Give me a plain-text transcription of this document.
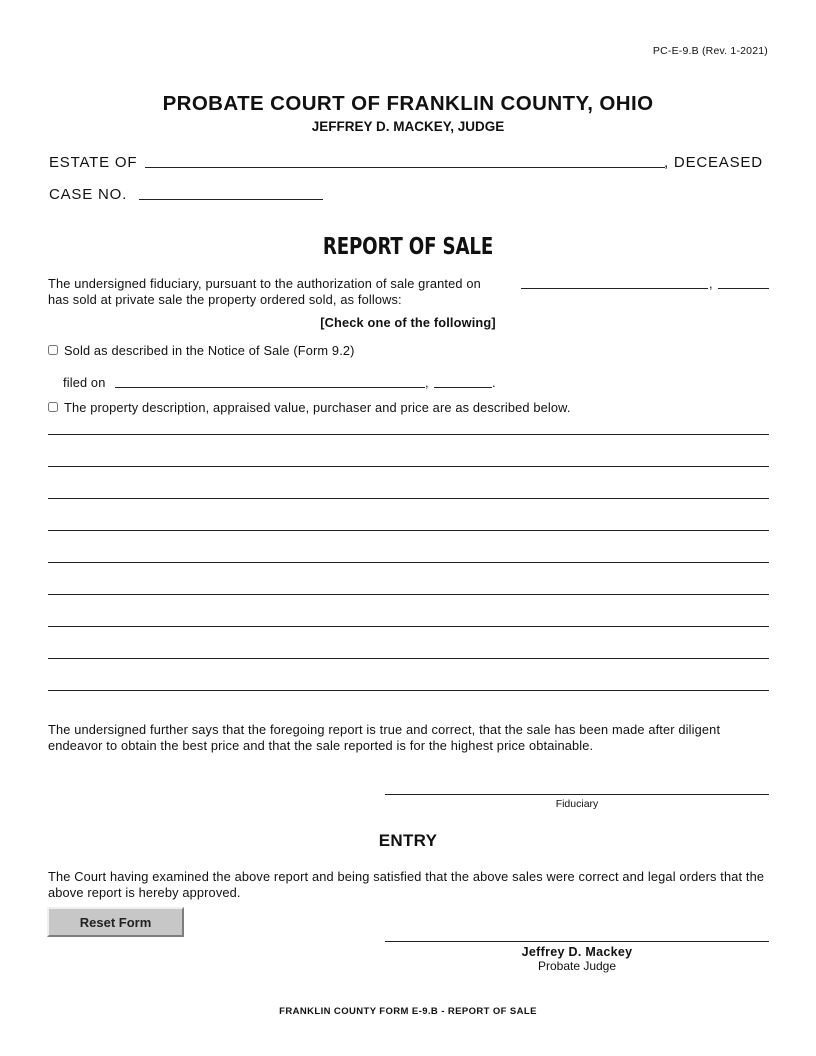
PC-E-9.B (Rev. 1-2021)
PROBATE COURT OF FRANKLIN COUNTY, OHIO
JEFFREY D. MACKEY, JUDGE
ESTATE OF	, DECEASED
CASE NO.
REPORT OF SALE
The undersigned fiduciary, pursuant to the authorization of sale granted on	,
has sold at private sale the property ordered sold, as follows:
[Check one of the following]
Sold as described in the Notice of Sale (Form 9.2)
filed on	,	.
The property description, appraised value, purchaser and price are as described below.
The undersigned further says that the foregoing report is true and correct, that the sale has been made after diligent endeavor to obtain the best price and that the sale reported is for the highest price obtainable.
Fiduciary
ENTRY
The Court having examined the above report and being satisfied that the above sales were correct and legal orders that the above report is hereby approved.
Reset Form
Jeffrey D. Mackey
Probate Judge
FRANKLIN COUNTY FORM E-9.B - REPORT OF SALE
